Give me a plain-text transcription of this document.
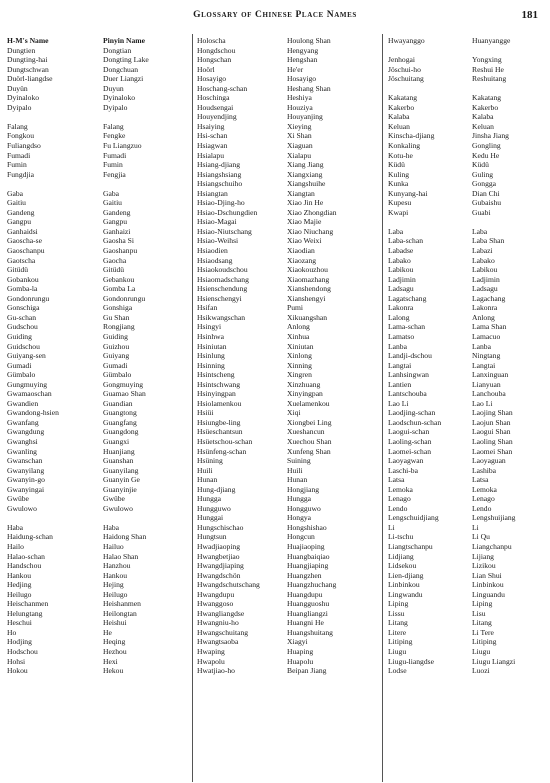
Glossary of Chinese Place Names	181
H-M's Name	Pinyin Name
Dungtien	Dongtian
Dungting-hai	Dongting Lake
Dungtschwan	Dongchuan
Duörl-liangdse	Duer Liangzi
Duyün	Duyun
Dyinaloko	Dyinaloko
Dyipalo	Dyipalo
Falang	Falang
Fongkou	Fengke
Fuliangdso	Fu Liangzuo
Fumadi	Fumadi
Fumin	Fumin
Fungdjia	Fengjia
Gaba	Gaba
Gaitiu	Gaitiu
Gandeng	Gandeng
Gangpu	Gangpu
Ganhaidsi	Ganhaizi
Gaoscha-se	Gaosha Si
Gaoschanpu	Gaoshanpu
Gaotscha	Gaocha
Gitüdü	Gitüdü
Gobankou	Gebankou
Gomba-la	Gomba La
Gondonrungu	Gondonrungu
Gonschiga	Gonshiga
Gu-schan	Gu Shan
Gudschou	Rongjiang
Guiding	Guiding
Guidschou	Guizhou
Guiyang-sen	Guiyang
Gumadi	Gumadi
Gümbalo	Gümbalo
Gungmuying	Gongmuying
Gwamaoschan	Guamao Shan
Gwandien	Guandian
Gwandong-hsien	Guangtong
Gwanfang	Guangfang
Gwangdung	Guangdong
Gwanghsi	Guangxi
Gwanling	Huanjiang
Gwanschan	Guanshan
Gwanyilang	Guanyilang
Gwanyin-go	Guanyin Ge
Gwanyingai	Guanyinjie
Gwübe	Gwübe
Gwulowo	Gwulowo
Haba	Haba
Haidung-schan	Haidong Shan
Hailo	Hailuo
Halao-schan	Halao Shan
Handschou	Hanzhou
Hankou	Hankou
Hedjing	Hejing
Heilugo	Heilugo
Heischanmen	Heishanmen
Helungtang	Heilongtan
Heschui	Heishui
Ho	He
Hodjing	Heqing
Hodschou	Hezhou
Hohsi	Hexi
Hokou	Hekou
Holoscha	Houlong Shan
Hongdschou	Hengyang
Hongschan	Hengshan
Hoörl	He'er
Hosayigo	Hosayigo
Hoschang-schan	Heshang Shan
Hoschinga	Heshiya
Houdsengai	Houziya
Houyendjing	Houyanjing
Hsaiying	Xieying
Hsi-schan	Xi Shan
Hsiagwan	Xiaguan
Hsialapu	Xialapu
Hsiang-djiang	Xiang Jiang
Hsiangshsiang	Xiangxiang
Hsiangschuiho	Xiangshuihe
Hsiangtan	Xiangtan
Hsiao-Djing-ho	Xiao Jin He
Hsiao-Dschungdien	Xiao Zhongdian
Hsiao-Magai	Xiao Majie
Hsiao-Niutschang	Xiao Niuchang
Hsiao-Weihsi	Xiao Weixi
Hsiaodien	Xiaodian
Hsiaodsang	Xiaozang
Hsiaokoudschou	Xiaokouzhou
Hsiaomadschang	Xiaomazhang
Hsienschendung	Xianshendong
Hsienschengyi	Xianshengyi
Hsifan	Pumi
Hsikwangschan	Xikuangshan
Hsingyi	Anlong
Hsinhwa	Xinhua
Hsiniutan	Xiniutan
Hsinlung	Xinlong
Hsinning	Xinning
Hsintscheng	Xingren
Hsintschwang	Xinzhuang
Hsinyingpan	Xinyingpan
Hsiolamenkou	Xuelamenkou
Hsiüi	Xiqi
Hsiungbe-ling	Xiongbei Ling
Hsüeschantsun	Xueshancun
Hsüetschou-schan	Xuechou Shan
Hsünfeng-schan	Xunfeng Shan
Hsüning	Suining
Huili	Huili
Hunan	Hunan
Hung-djiang	Hongjiang
Hungga	Hungga
Hungguwo	Hongguwo
Hunggai	Hongya
Hungschischao	Hongshishao
Hungtsun	Hongcun
Hwadjiaoping	Huajiaoping
Hwangbetjiao	Huangbaiqiao
Hwangdjiaping	Huangjiaping
Hwangdschön	Huangzhen
Hwangdschutschang	Huangzhuchang
Hwangdupu	Huangdupu
Hwanggoso	Huangguoshu
Hwangliangdse	Huangliangzi
Hwangniu-ho	Huangni He
Hwangschuitang	Huangshuitang
Hwangtsaoba	Xiagyi
Hwaping	Huaping
Hwapolu	Huapolu
Hwatjiao-ho	Beipan Jiang
Hwayanggo	Huanyangge
Jenhogai	Yongxing
Jöschui-ho	Reshui He
Jöschuitang	Reshuitang
Kakatang	Kakatang
Kakerbo	Kakerbo
Kalaba	Kalaba
Keluan	Keluan
Kinscha-djiang	Jinsha Jiang
Konkaling	Gongling
Kotu-he	Kedu He
Küdü	Küdü
Kuling	Guling
Kunka	Gongga
Kunyang-hai	Dian Chi
Kupesu	Gubaishu
Kwapi	Guabi
Laba	Laba
Laba-schan	Laba Shan
Labadse	Labazi
Labako	Labako
Labikou	Labikou
Ladjimin	Ladjimin
Ladsagu	Ladsagu
Lagatschang	Lagachang
Lakonra	Lakonra
Lalong	Anlong
Lama-schan	Lama Shan
Lamatso	Lamacuo
Lanba	Lanba
Landji-dschou	Ningtang
Langtai	Langtai
Lanhsingwan	Lanxinguan
Lantien	Lianyuan
Lantschouba	Lanchouba
Lao Li	Lao Li
Laodjing-schan	Laojing Shan
Laodschun-schan	Laojun Shan
Laogui-schan	Laogui Shan
Laoling-schan	Laoling Shan
Laomei-schan	Laomei Shan
Laoyagwan	Laoyaguan
Laschi-ba	Lashiba
Latsa	Latsa
Lemoka	Lemoka
Lenago	Lenago
Lendo	Lendo
Lengschuidjiang	Lengshuijiang
Li	Li
Li-tschu	Li Qu
Liangtschanpu	Liangchanpu
Lidjiang	Lijiang
Lidsekou	Lizikou
Lien-djiang	Lian Shui
Linbinkou	Linbinkou
Lingwandu	Linguandu
Liping	Liping
Lissu	Lisu
Litang	Litang
Litere	Li Tere
Litiping	Litiping
Liugu	Liugu
Liugu-liangdse	Liugu Liangzi
Lodse	Luozi
